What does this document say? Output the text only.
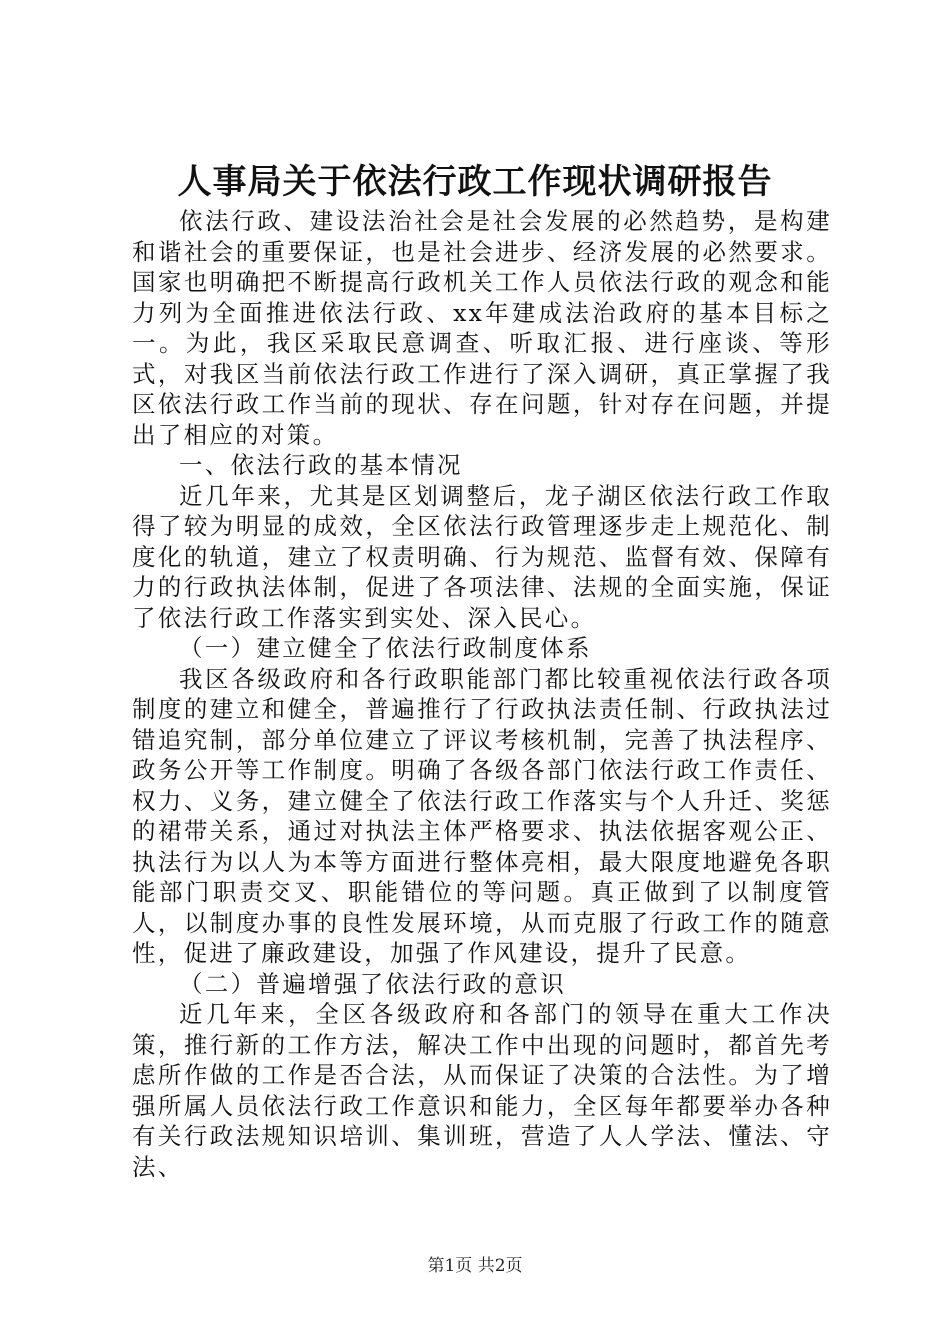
人事局关于依法行政工作现状调研报告

依法行政、建设法治社会是社会发展的必然趋势，是构建和谐社会的重要保证，也是社会进步、经济发展的必然要求。国家也明确把不断提高行政机关工作人员依法行政的观念和能力列为全面推进依法行政、xx年建成法治政府的基本目标之一。为此，我区采取民意调查、听取汇报、进行座谈、等形式，对我区当前依法行政工作进行了深入调研，真正掌握了我区依法行政工作当前的现状、存在问题，针对存在问题，并提出了相应的对策。

一、依法行政的基本情况

近几年来，尤其是区划调整后，龙子湖区依法行政工作取得了较为明显的成效，全区依法行政管理逐步走上规范化、制度化的轨道，建立了权责明确、行为规范、监督有效、保障有力的行政执法体制，促进了各项法律、法规的全面实施，保证了依法行政工作落实到实处、深入民心。

（一）建立健全了依法行政制度体系

我区各级政府和各行政职能部门都比较重视依法行政各项制度的建立和健全，普遍推行了行政执法责任制、行政执法过错追究制，部分单位建立了评议考核机制，完善了执法程序、政务公开等工作制度。明确了各级各部门依法行政工作责任、权力、义务，建立健全了依法行政工作落实与个人升迁、奖惩的裙带关系，通过对执法主体严格要求、执法依据客观公正、执法行为以人为本等方面进行整体亮相，最大限度地避免各职能部门职责交叉、职能错位的等问题。真正做到了以制度管人，以制度办事的良性发展环境，从而克服了行政工作的随意性，促进了廉政建设，加强了作风建设，提升了民意。

（二）普遍增强了依法行政的意识

近几年来，全区各级政府和各部门的领导在重大工作决策，推行新的工作方法，解决工作中出现的问题时，都首先考虑所作做的工作是否合法，从而保证了决策的合法性。为了增强所属人员依法行政工作意识和能力，全区每年都要举办各种有关行政法规知识培训、集训班，营造了人人学法、懂法、守法、

第1页 共2页
